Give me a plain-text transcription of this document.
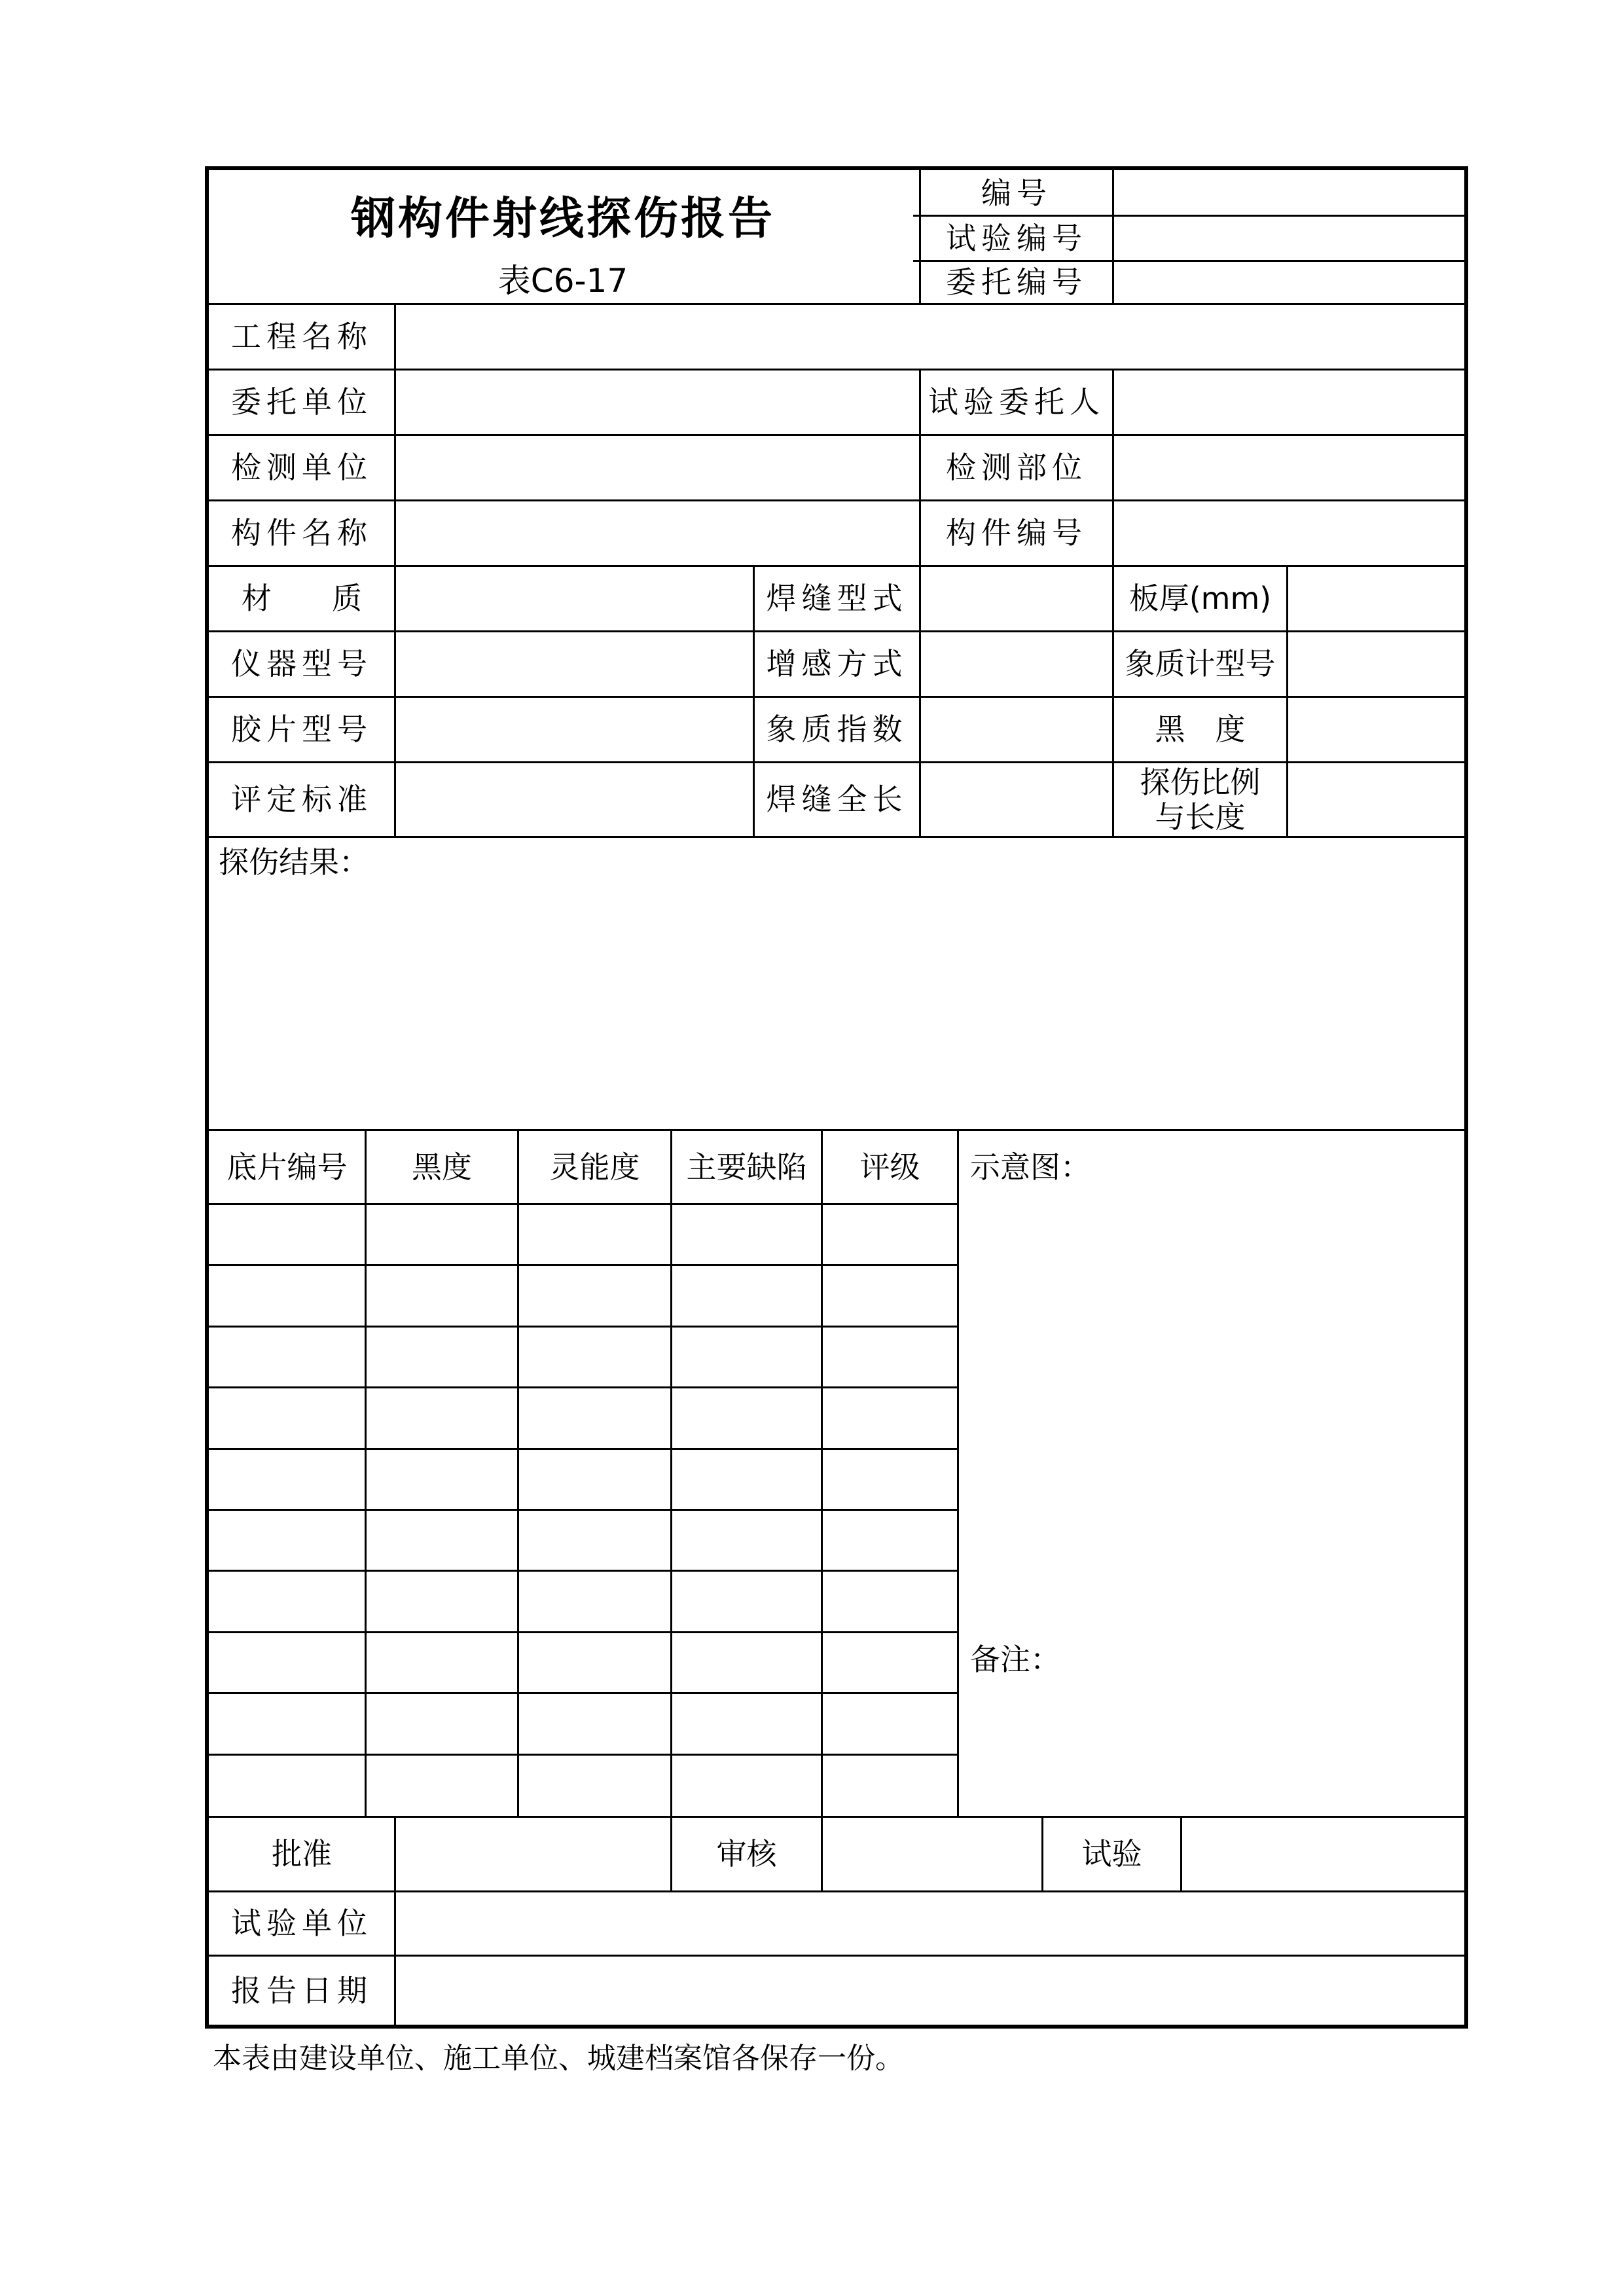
钢构件射线探伤报告
表C6-17
编号
试验编号
委托编号
工程名称
委托单位	试验委托人
检测单位	检测部位
构件名称	构件编号
材　　质	焊缝型式	板厚(mm)
仪器型号	增感方式	象质计型号
胶片型号	象质指数	黑　度
评定标准	焊缝全长	探伤比例
与长度
探伤结果：
底片编号	黑度	灵能度	主要缺陷	评级	示意图：
备注：
批准	审核	试验
试验单位
报告日期
本表由建设单位、施工单位、城建档案馆各保存一份。
